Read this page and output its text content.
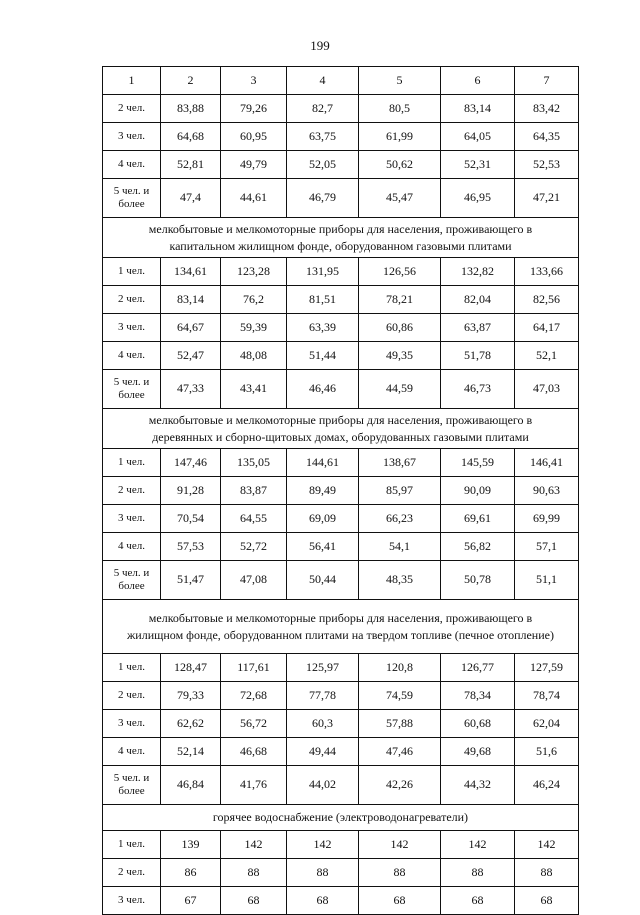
199
1	2	3	4	5	6	7

2 чел.	83,88	79,26	82,7	80,5	83,14	83,42

3 чел.	64,68	60,95	63,75	61,99	64,05	64,35

4 чел.	52,81	49,79	52,05	50,62	52,31	52,53

5 чел. и
более	47,4	44,61	46,79	45,47	46,95	47,21

мелкобытовые и мелкомоторные приборы для населения, проживающего в
капитальном жилищном фонде, оборудованном газовыми плитами						

1 чел.	134,61	123,28	131,95	126,56	132,82	133,66

2 чел.	83,14	76,2	81,51	78,21	82,04	82,56

3 чел.	64,67	59,39	63,39	60,86	63,87	64,17

4 чел.	52,47	48,08	51,44	49,35	51,78	52,1

5 чел. и
более	47,33	43,41	46,46	44,59	46,73	47,03

мелкобытовые и мелкомоторные приборы для населения, проживающего в
деревянных и сборно-щитовых домах, оборудованных газовыми плитами						

1 чел.	147,46	135,05	144,61	138,67	145,59	146,41

2 чел.	91,28	83,87	89,49	85,97	90,09	90,63

3 чел.	70,54	64,55	69,09	66,23	69,61	69,99

4 чел.	57,53	52,72	56,41	54,1	56,82	57,1

5 чел. и
более	51,47	47,08	50,44	48,35	50,78	51,1

мелкобытовые и мелкомоторные приборы для населения, проживающего в
жилищном фонде, оборудованном плитами на твердом топливе (печное отопление)						

1 чел.	128,47	117,61	125,97	120,8	126,77	127,59

2 чел.	79,33	72,68	77,78	74,59	78,34	78,74

3 чел.	62,62	56,72	60,3	57,88	60,68	62,04

4 чел.	52,14	46,68	49,44	47,46	49,68	51,6

5 чел. и
более	46,84	41,76	44,02	42,26	44,32	46,24

горячее водоснабжение (электроводонагреватели)						

1 чел.	139	142	142	142	142	142

2 чел.	86	88	88	88	88	88

3 чел.	67	68	68	68	68	68
